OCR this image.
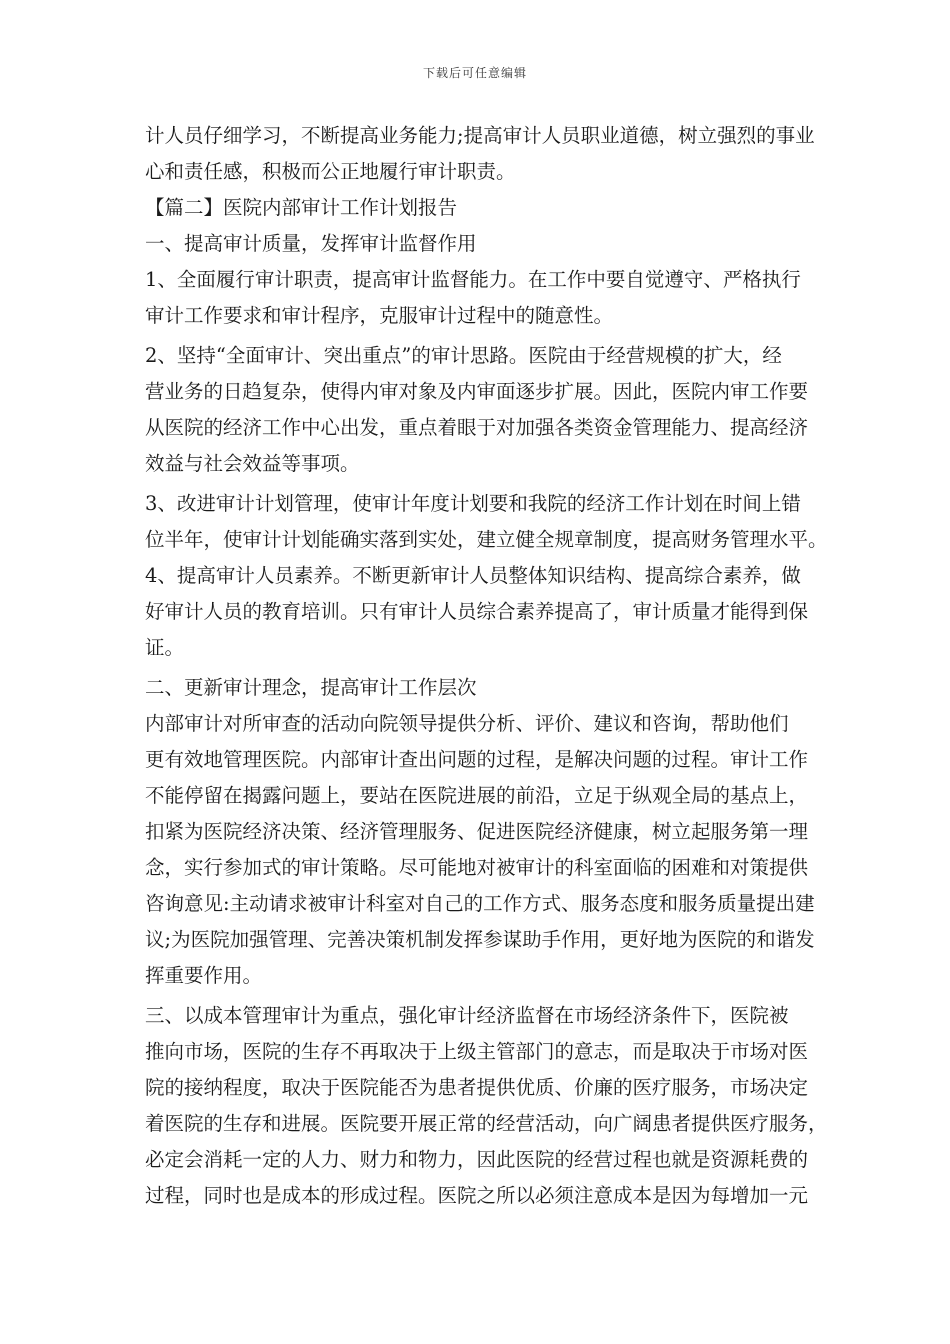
下载后可任意编辑
计人员仔细学习，不断提高业务能力;提高审计人员职业道德，树立强烈的事业
心和责任感，积极而公正地履行审计职责。
【篇二】医院内部审计工作计划报告
一、提高审计质量，发挥审计监督作用
1、全面履行审计职责，提高审计监督能力。在工作中要自觉遵守、严格执行
审计工作要求和审计程序，克服审计过程中的随意性。
2、坚持“全面审计、突出重点”的审计思路。医院由于经营规模的扩大，经
营业务的日趋复杂，使得内审对象及内审面逐步扩展。因此，医院内审工作要
从医院的经济工作中心出发，重点着眼于对加强各类资金管理能力、提高经济
效益与社会效益等事项。
3、改进审计计划管理，使审计年度计划要和我院的经济工作计划在时间上错
位半年，使审计计划能确实落到实处，建立健全规章制度，提高财务管理水平。
4、提高审计人员素养。不断更新审计人员整体知识结构、提高综合素养，做
好审计人员的教育培训。只有审计人员综合素养提高了，审计质量才能得到保
证。
二、更新审计理念，提高审计工作层次
内部审计对所审查的活动向院领导提供分析、评价、建议和咨询，帮助他们
更有效地管理医院。内部审计查出问题的过程，是解决问题的过程。审计工作
不能停留在揭露问题上，要站在医院进展的前沿，立足于纵观全局的基点上，
扣紧为医院经济决策、经济管理服务、促进医院经济健康，树立起服务第一理
念，实行参加式的审计策略。尽可能地对被审计的科室面临的困难和对策提供
咨询意见:主动请求被审计科室对自己的工作方式、服务态度和服务质量提出建
议;为医院加强管理、完善决策机制发挥参谋助手作用，更好地为医院的和谐发
挥重要作用。
三、以成本管理审计为重点，强化审计经济监督在市场经济条件下，医院被
推向市场，医院的生存不再取决于上级主管部门的意志，而是取决于市场对医
院的接纳程度，取决于医院能否为患者提供优质、价廉的医疗服务，市场决定
着医院的生存和进展。医院要开展正常的经营活动，向广阔患者提供医疗服务，
必定会消耗一定的人力、财力和物力，因此医院的经营过程也就是资源耗费的
过程，同时也是成本的形成过程。医院之所以必须注意成本是因为每增加一元
